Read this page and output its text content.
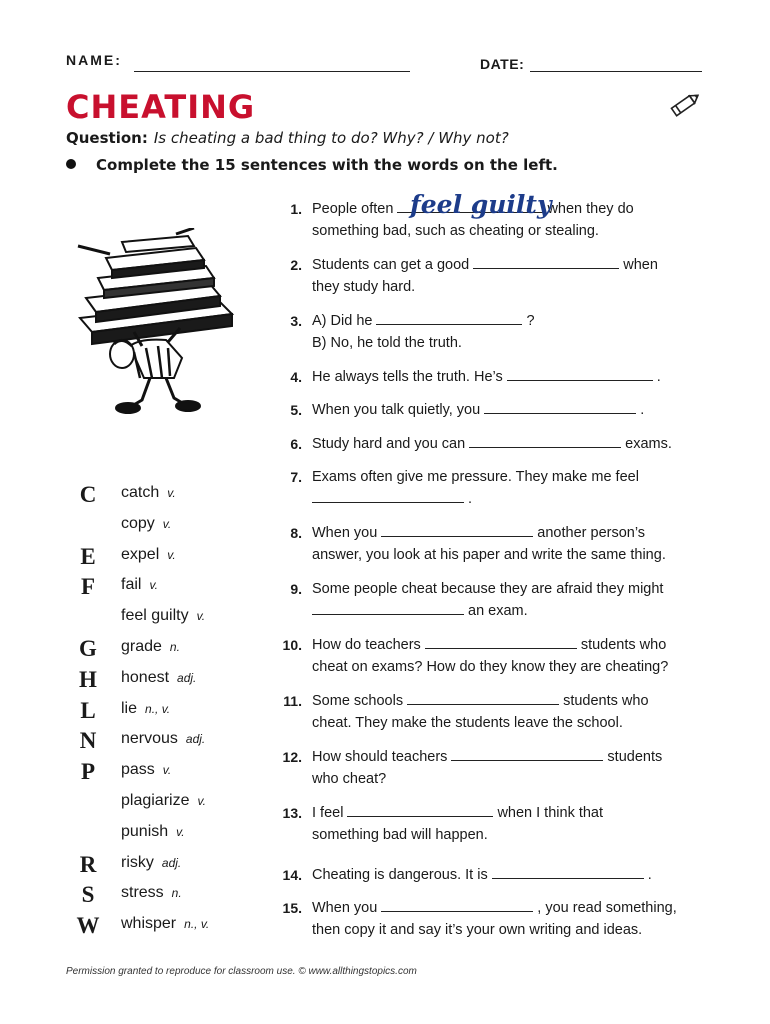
NAME:	DATE:
CHEATING
Question: Is cheating a bad thing to do? Why? / Why not?
Complete the 15 sentences with the words on the left.
C catch v.
copy v.
E expel v.
F	fail v.
feel guilty v.
G grade n.
H honest adj.
L lie n., v.
N nervous adj.
P	pass v.
plagiarize v.
punish v.
R risky adj.
S	stress n.
W whisper n., v.
1. People often	when they do
something bad, such as cheating or stealing.
2. Students can get a good	when
they study hard.
3. A) Did he	?
B) No, he told the truth.
4. He always tells the truth. He’s	.
5. When you talk quietly, you	.
6. Study hard and you can	exams.
7. Exams often give me pressure. They make me feel
.
8. When you	another person’s
answer, you look at his paper and write the same thing.
9. Some people cheat because they are afraid they might
an exam.
10. How do teachers	students who
cheat on exams? How do they know they are cheating?
11. Some schools	students who
cheat. They make the students leave the school.
12. How should teachers	students
who cheat?
13. I feel	when I think that
something bad will happen.
14. Cheating is dangerous. It is	.
15. When you	, you read something,
then copy it and say it’s your own writing and ideas.
feel guilty
Permission granted to reproduce for classroom use. © www.allthingstopics.com
